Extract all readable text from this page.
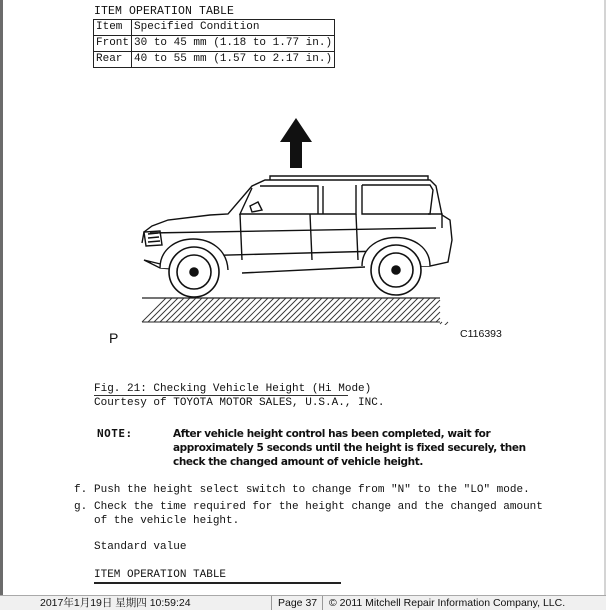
ITEM OPERATION TABLE
Item	Specified Condition
Front	30 to 45 mm (1.18 to 1.77 in.)
Rear	40 to 55 mm (1.57 to 2.17 in.)
P	C116393
Fig. 21: Checking Vehicle Height (Hi Mode)
Courtesy of TOYOTA MOTOR SALES, U.S.A., INC.
NOTE:	After vehicle height control has been completed, wait for approximately 5 seconds until the height is fixed securely, then check the changed amount of vehicle height.
f. Push the height select switch to change from "N" to the "LO" mode.
g. Check the time required for the height change and the changed amount of the vehicle height.
Standard value
ITEM OPERATION TABLE
2017年1月19日 星期四 10:59:24	Page 37	© 2011 Mitchell Repair Information Company, LLC.
